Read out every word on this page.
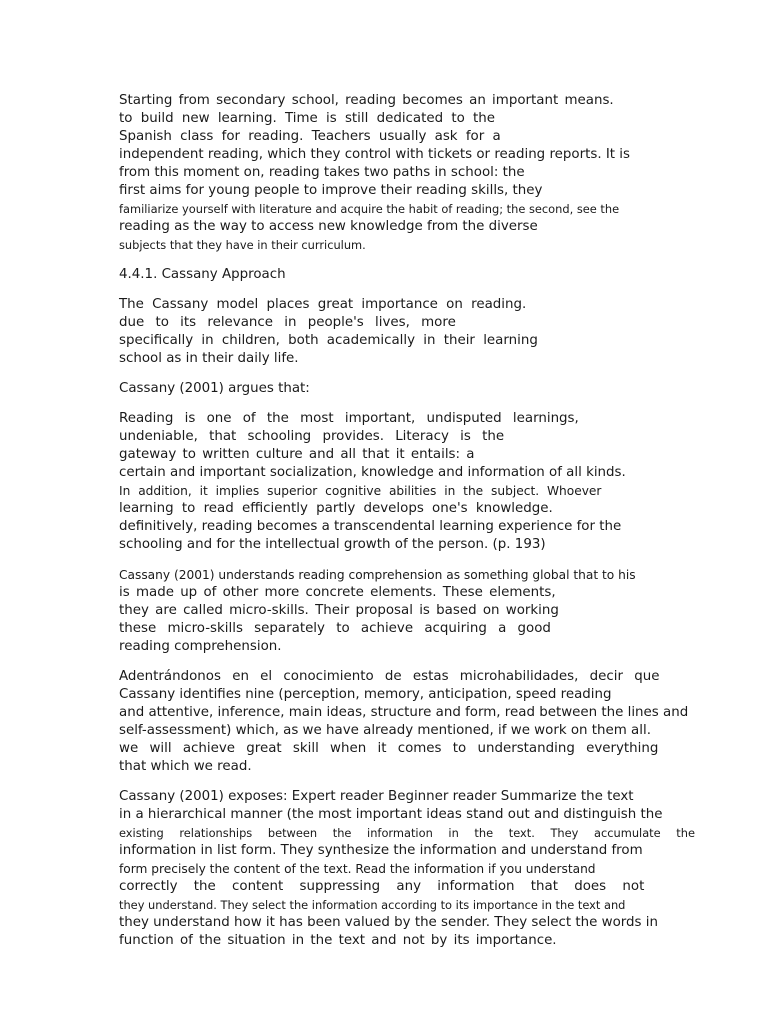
Starting from secondary school, reading becomes an important means.
to build new learning. Time is still dedicated to the
Spanish class for reading. Teachers usually ask for a
independent reading, which they control with tickets or reading reports. It is
from this moment on, reading takes two paths in school: the
first aims for young people to improve their reading skills, they
familiarize yourself with literature and acquire the habit of reading; the second, see the
reading as the way to access new knowledge from the diverse
subjects that they have in their curriculum.
4.4.1. Cassany Approach
The Cassany model places great importance on reading.
due to its relevance in people's lives, more
specifically in children, both academically in their learning
school as in their daily life.
Cassany (2001) argues that:
Reading is one of the most important, undisputed learnings,
undeniable, that schooling provides. Literacy is the
gateway to written culture and all that it entails: a
certain and important socialization, knowledge and information of all kinds.
In addition, it implies superior cognitive abilities in the subject. Whoever
learning to read efficiently partly develops one's knowledge.
definitively, reading becomes a transcendental learning experience for the
schooling and for the intellectual growth of the person. (p. 193)
Cassany (2001) understands reading comprehension as something global that to his
is made up of other more concrete elements. These elements,
they are called micro-skills. Their proposal is based on working
these micro-skills separately to achieve acquiring a good
reading comprehension.
Adentrándonos en el conocimiento de estas microhabilidades, decir que
Cassany identifies nine (perception, memory, anticipation, speed reading
and attentive, inference, main ideas, structure and form, read between the lines and
self-assessment) which, as we have already mentioned, if we work on them all.
we will achieve great skill when it comes to understanding everything
that which we read.
Cassany (2001) exposes: Expert reader Beginner reader Summarize the text
in a hierarchical manner (the most important ideas stand out and distinguish the
existing relationships between the information in the text. They accumulate the
information in list form. They synthesize the information and understand from
form precisely the content of the text. Read the information if you understand
correctly the content suppressing any information that does not
they understand. They select the information according to its importance in the text and
they understand how it has been valued by the sender. They select the words in
function of the situation in the text and not by its importance.
